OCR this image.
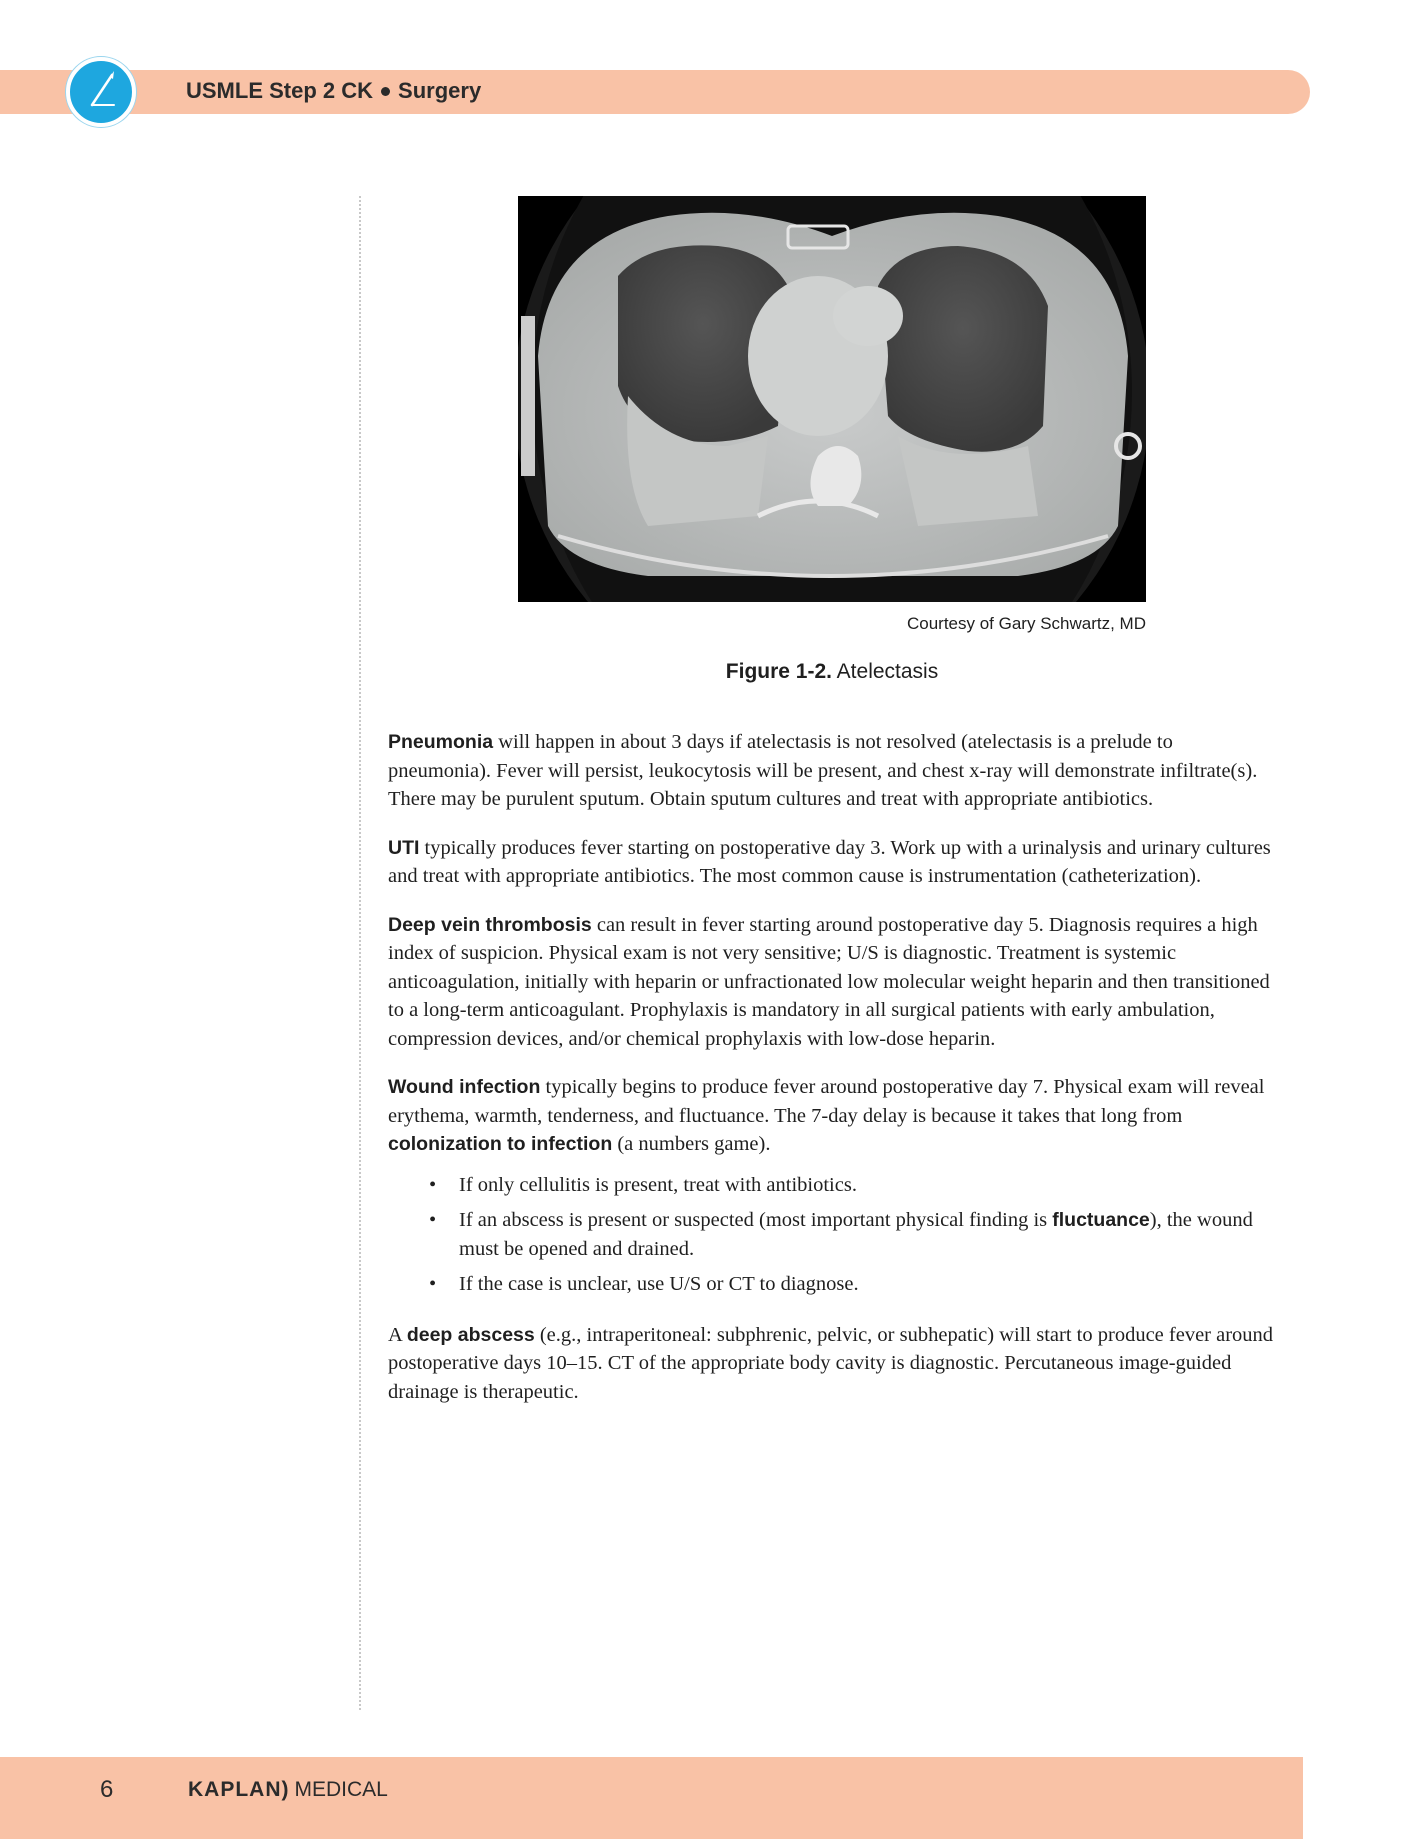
USMLE Step 2 CK Surgery
Courtesy of Gary Schwartz, MD
Figure 1-2. Atelectasis

Pneumonia will happen in about 3 days if atelectasis is not resolved (atelectasis is a prelude to pneumonia). Fever will persist, leukocytosis will be present, and chest x-ray will demonstrate infiltrate(s). There may be purulent sputum. Obtain sputum cultures and treat with appropriate antibiotics.

UTI typically produces fever starting on postoperative day 3. Work up with a urinalysis and urinary cultures and treat with appropriate antibiotics. The most common cause is instrumentation (catheterization).

Deep vein thrombosis can result in fever starting around postoperative day 5. Diagnosis requires a high index of suspicion. Physical exam is not very sensitive; U/S is diagnostic. Treatment is systemic anticoagulation, initially with heparin or unfractionated low molecular weight heparin and then transitioned to a long-term anticoagulant. Prophylaxis is mandatory in all surgical patients with early ambulation, compression devices, and/or chemical prophylaxis with low-dose heparin.

Wound infection typically begins to produce fever around postoperative day 7. Physical exam will reveal erythema, warmth, tenderness, and fluctuance. The 7-day delay is because it takes that long from colonization to infection (a numbers game).

• If only cellulitis is present, treat with antibiotics.
• If an abscess is present or suspected (most important physical finding is fluctuance), the wound must be opened and drained.
• If the case is unclear, use U/S or CT to diagnose.

A deep abscess (e.g., intraperitoneal: subphrenic, pelvic, or subhepatic) will start to produce fever around postoperative days 10–15. CT of the appropriate body cavity is diagnostic. Percutaneous image-guided drainage is therapeutic.

6	KAPLAN) MEDICAL
